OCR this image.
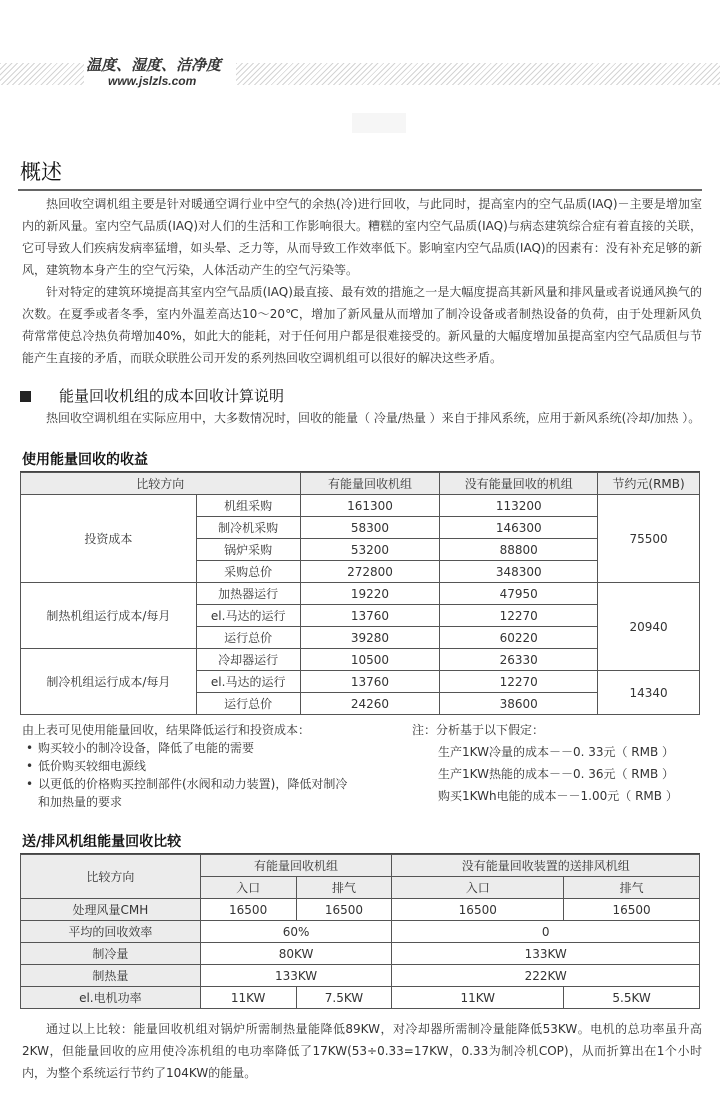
温度、湿度、洁净度
www.jslzls.com
概述

热回收空调机组主要是针对暖通空调行业中空气的余热(冷)进行回收，与此同时，提高室内的空气品质(IAQ)－主要是增加室内的新风量。室内空气品质(IAQ)对人们的生活和工作影响很大。糟糕的室内空气品质(IAQ)与病态建筑综合症有着直接的关联，它可导致人们疾病发病率猛增，如头晕、乏力等，从而导致工作效率低下。影响室内空气品质(IAQ)的因素有：没有补充足够的新风，建筑物本身产生的空气污染，人体活动产生的空气污染等。

针对特定的建筑环境提高其室内空气品质(IAQ)最直接、最有效的措施之一是大幅度提高其新风量和排风量或者说通风换气的次数。在夏季或者冬季，室内外温差高达10～20℃，增加了新风量从而增加了制冷设备或者制热设备的负荷，由于处理新风负荷常常使总冷热负荷增加40%，如此大的能耗，对于任何用户都是很难接受的。新风量的大幅度增加虽提高室内空气品质但与节能产生直接的矛盾，而联众联胜公司开发的系列热回收空调机组可以很好的解决这些矛盾。

能量回收机组的成本回收计算说明

热回收空调机组在实际应用中，大多数情况时，回收的能量（ 冷量/热量 ）来自于排风系统，应用于新风系统(冷却/加热 ）。

使用能量回收的收益
比较方向		有能量回收机组	没有能量回收的机组	节约元(RMB)
投资成本	机组采购	161300	113200	75500
	制冷机采购	58300	146300	
	锅炉采购	53200	88800	
	采购总价	272800	348300	
制热机组运行成本/每月	加热器运行	19220	47950	20940
	el.马达的运行	13760	12270	
	运行总价	39280	60220	
制冷机组运行成本/每月	冷却器运行	10500	26330	
	el.马达的运行	13760	12270	14340
	运行总价	24260	38600	
由上表可见使用能量回收，结果降低运行和投资成本：
• 购买较小的制冷设备，降低了电能的需要
• 低价购买较细电源线
• 以更低的价格购买控制部件(水阀和动力装置)，降低对制冷
和加热量的要求
注：分析基于以下假定：
生产1KW冷量的成本－－0. 33元（ RMB ）
生产1KW热能的成本－－0. 36元（ RMB ）
购买1KWh电能的成本－－1.00元（ RMB ）
送/排风机组能量回收比较
比较方向	有能量回收机组		没有能量回收装置的送排风机组	
	入口	排气	入口	排气
处理风量CMH	16500	16500	16500	16500
平均的回收效率	60%		0	
制冷量	80KW		133KW	
制热量	133KW		222KW	
el.电机功率	11KW	7.5KW	11KW	5.5KW

通过以上比较：能量回收机组对锅炉所需制热量能降低89KW，对冷却器所需制冷量能降低53KW。电机的总功率虽升高2KW，但能量回收的应用使冷冻机组的电功率降低了17KW(53÷0.33=17KW，0.33为制冷机COP)，从而折算出在1个小时内，为整个系统运行节约了104KW的能量。
